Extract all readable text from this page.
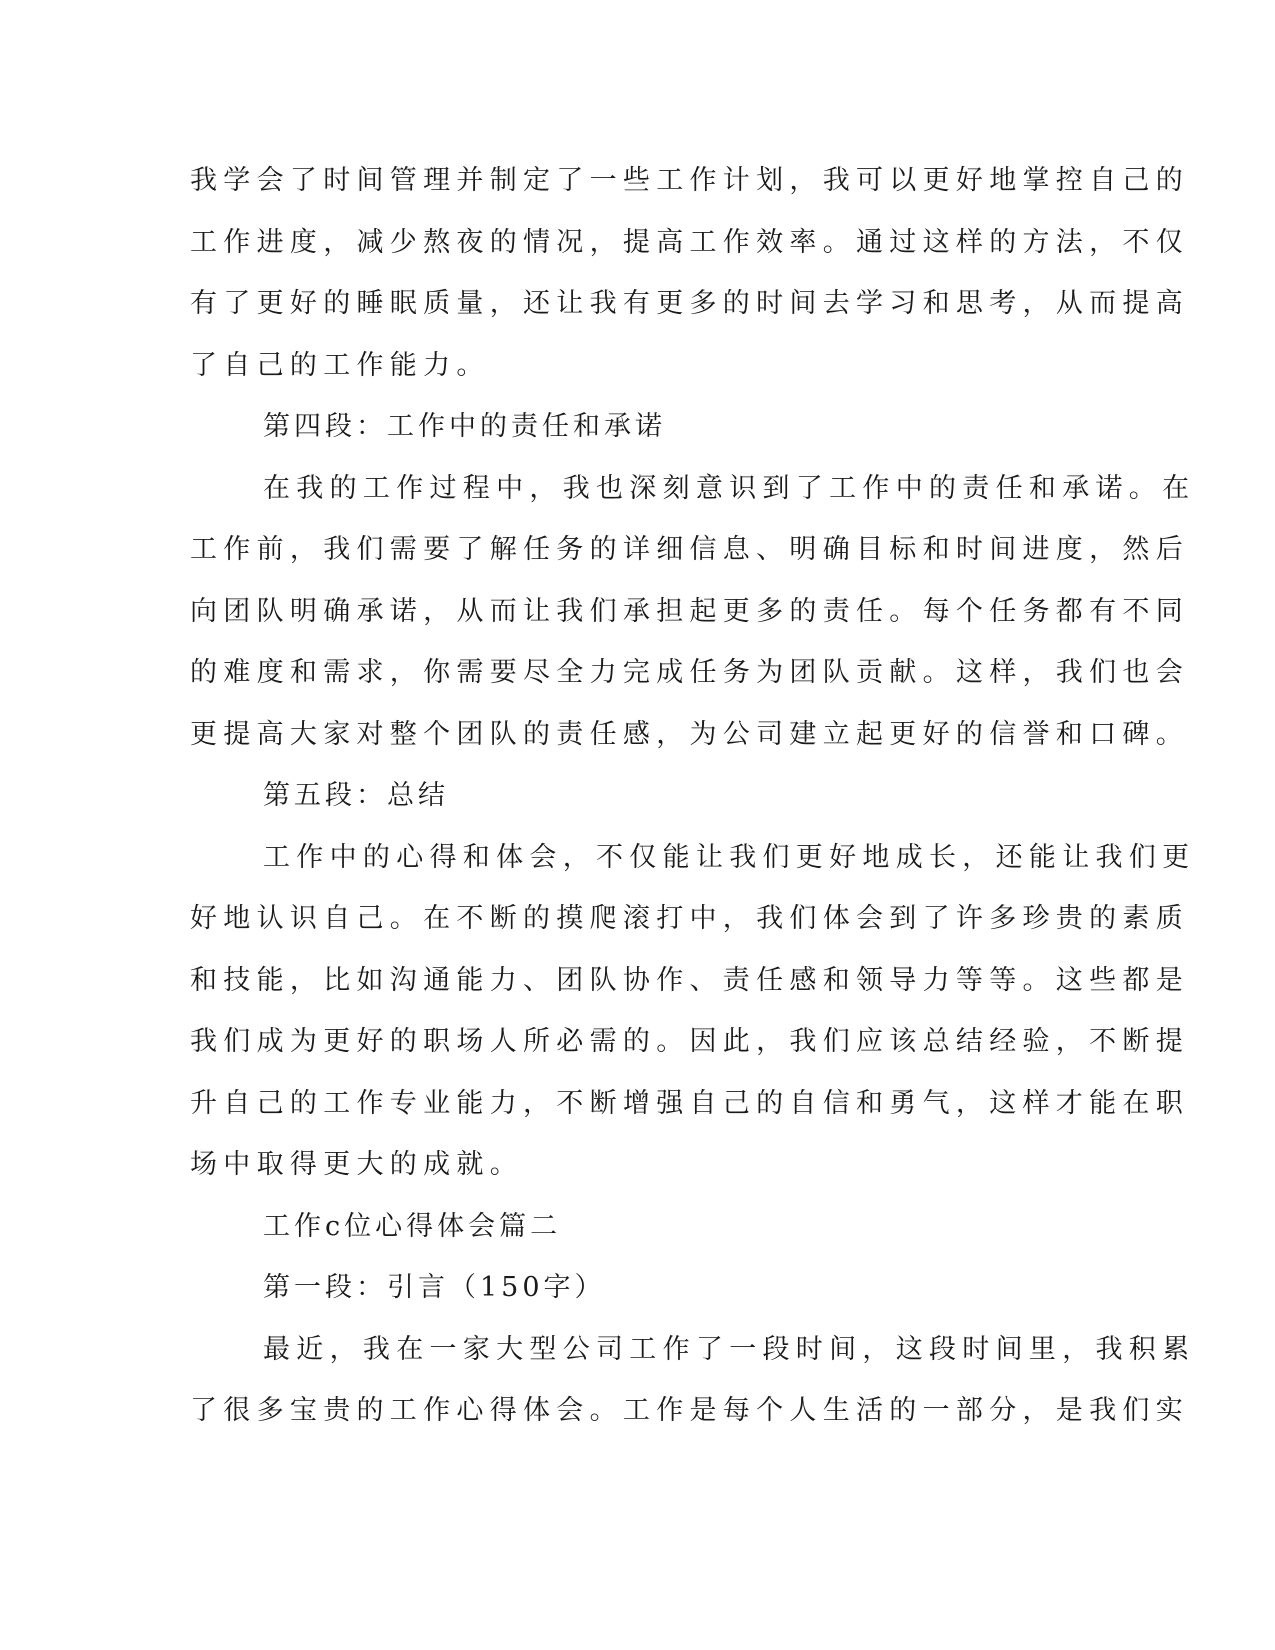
我学会了时间管理并制定了一些工作计划，我可以更好地掌控自己的
工作进度，减少熬夜的情况，提高工作效率。通过这样的方法，不仅
有了更好的睡眠质量，还让我有更多的时间去学习和思考，从而提高
了自己的工作能力。
第四段：工作中的责任和承诺
在我的工作过程中，我也深刻意识到了工作中的责任和承诺。在
工作前，我们需要了解任务的详细信息、明确目标和时间进度，然后
向团队明确承诺，从而让我们承担起更多的责任。每个任务都有不同
的难度和需求，你需要尽全力完成任务为团队贡献。这样，我们也会
更提高大家对整个团队的责任感，为公司建立起更好的信誉和口碑。
第五段：总结
工作中的心得和体会，不仅能让我们更好地成长，还能让我们更
好地认识自己。在不断的摸爬滚打中，我们体会到了许多珍贵的素质
和技能，比如沟通能力、团队协作、责任感和领导力等等。这些都是
我们成为更好的职场人所必需的。因此，我们应该总结经验，不断提
升自己的工作专业能力，不断增强自己的自信和勇气，这样才能在职
场中取得更大的成就。
工作c位心得体会篇二
第一段：引言（150字）
最近，我在一家大型公司工作了一段时间，这段时间里，我积累
了很多宝贵的工作心得体会。工作是每个人生活的一部分，是我们实
